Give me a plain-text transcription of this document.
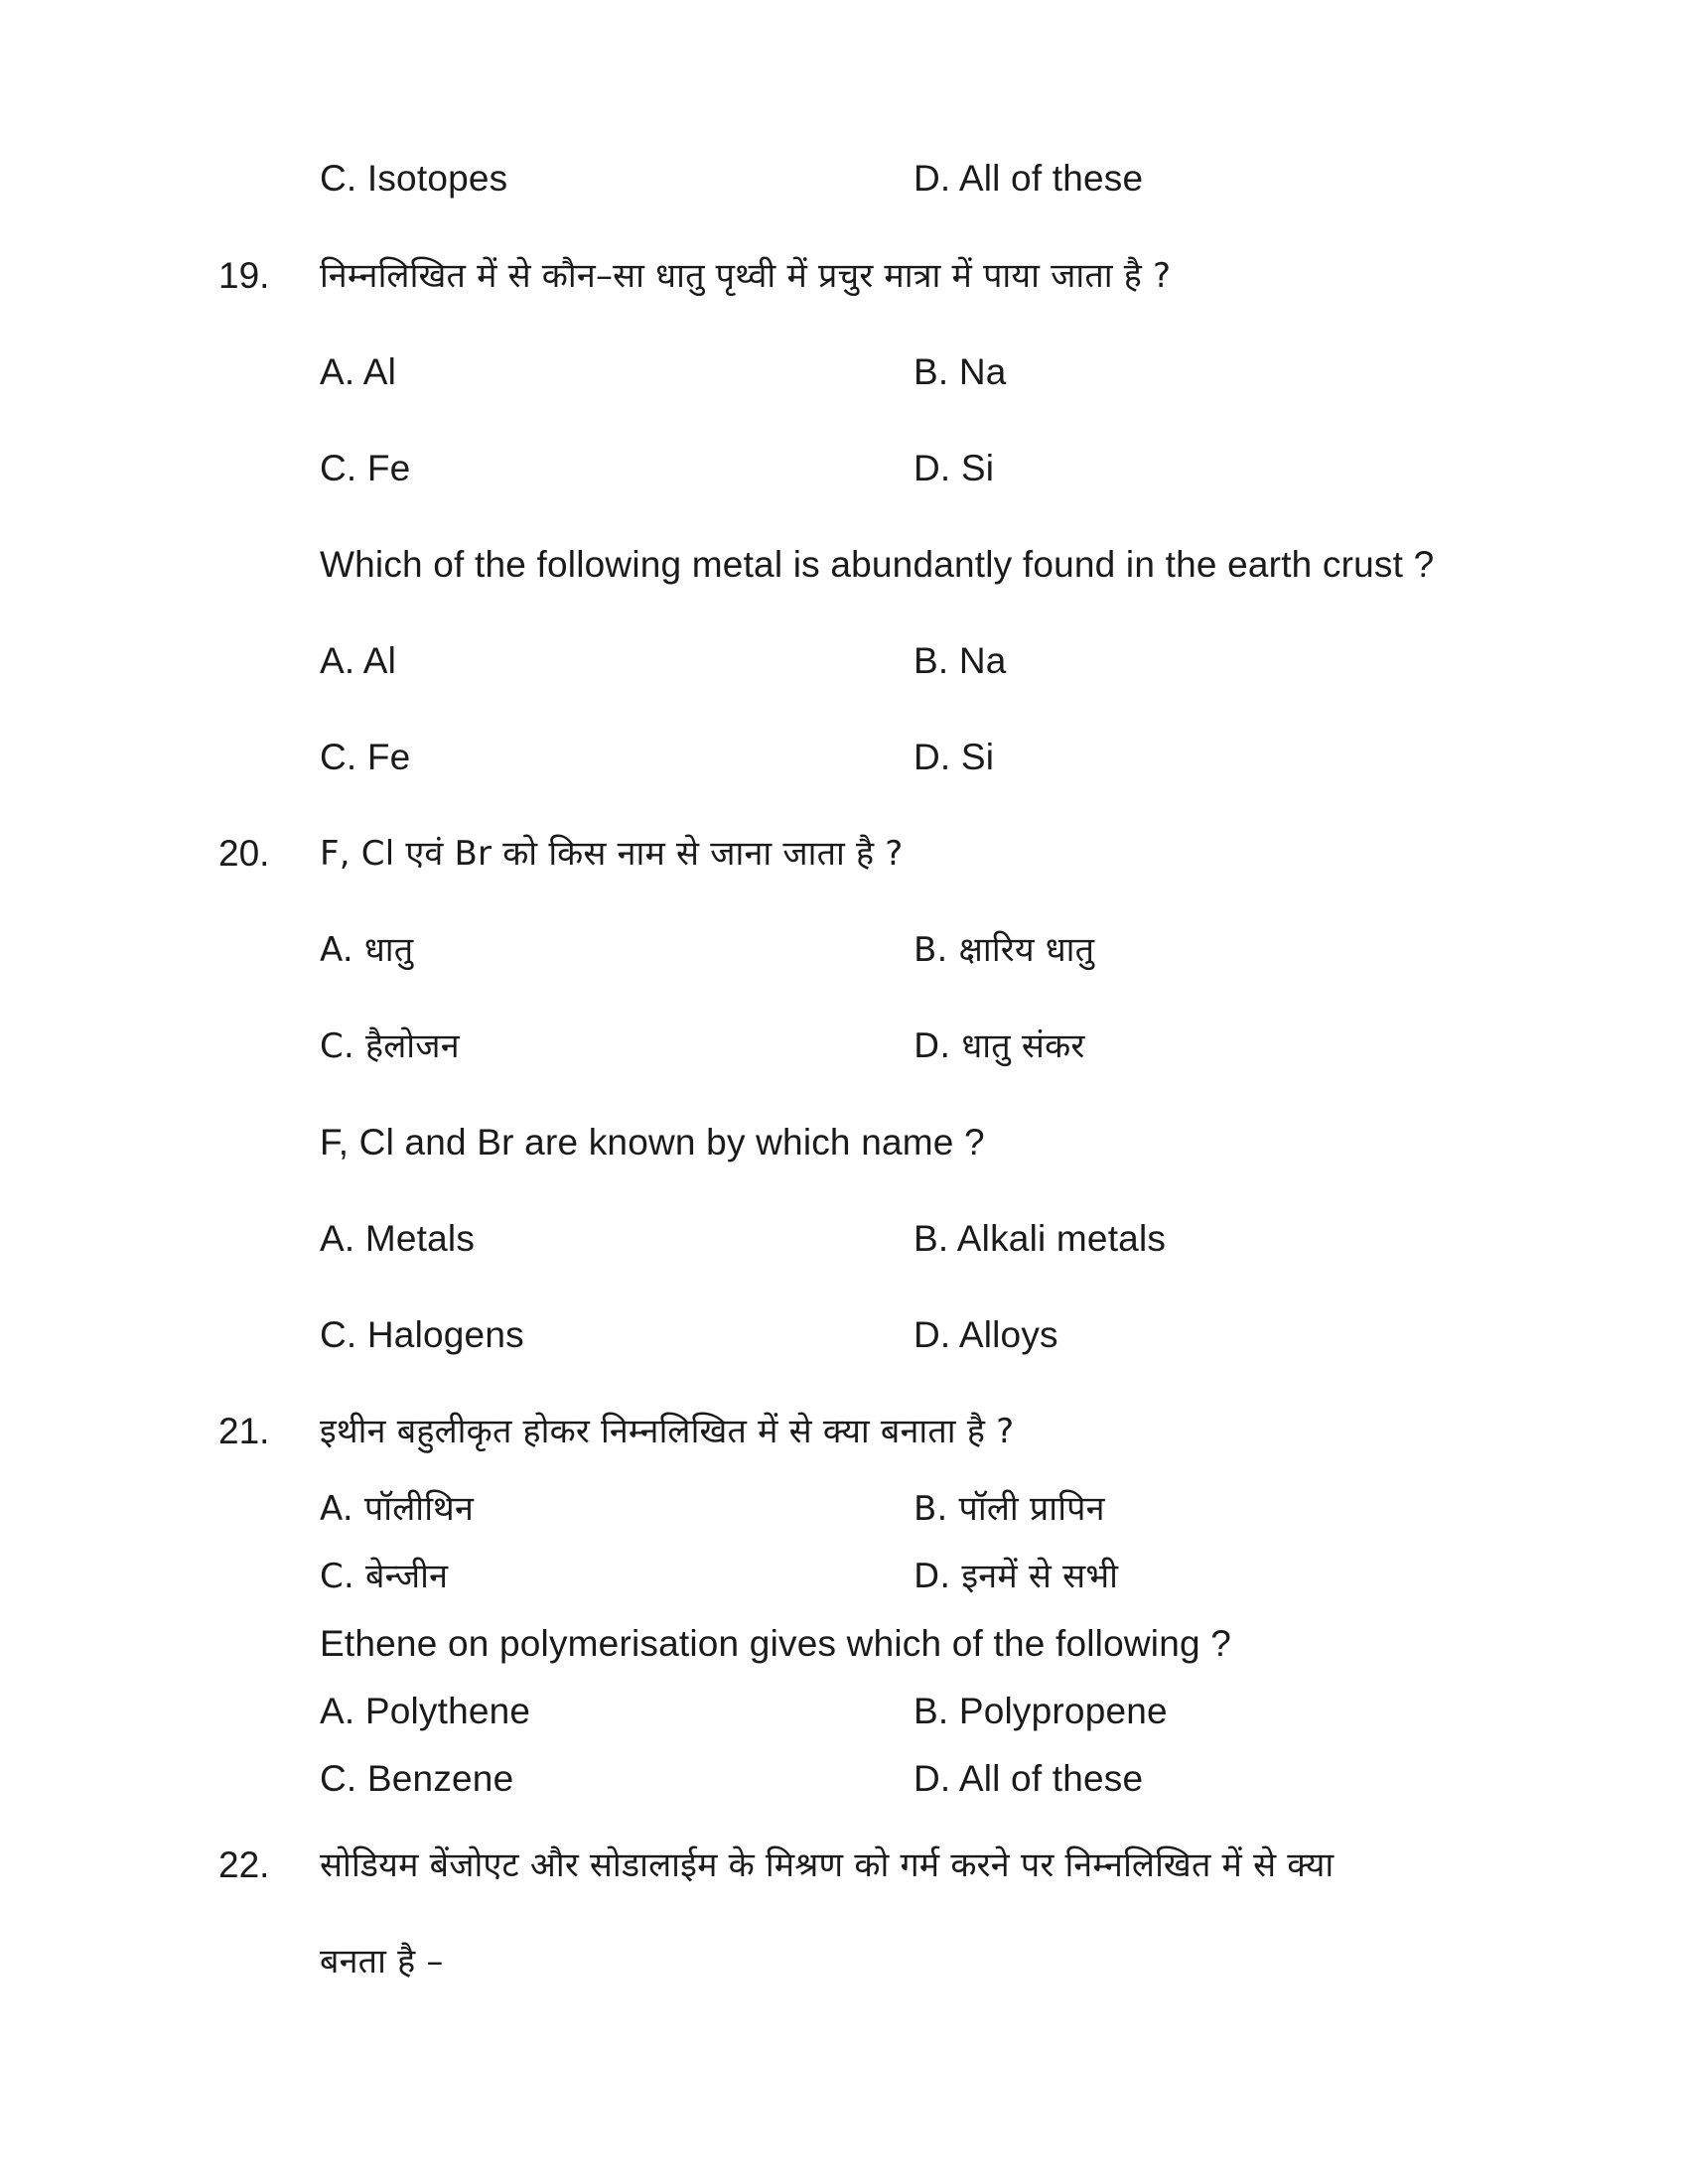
C. Isotopes	D. All of these
19. निम्नलिखित में से कौन–सा धातु पृथ्वी में प्रचुर मात्रा में पाया जाता है ?
A. Al	B. Na
C. Fe	D. Si
Which of the following metal is abundantly found in the earth crust ?
A. Al	B. Na
C. Fe	D. Si
20. F, Cl एवं Br को किस नाम से जाना जाता है ?
A. धातु	B. क्षारिय धातु
C. हैलोजन	D. धातु संकर
F, Cl and Br are known by which name ?
A. Metals	B. Alkali metals
C. Halogens	D. Alloys
21. इथीन बहुलीकृत होकर निम्नलिखित में से क्या बनाता है ?
A. पॉलीथिन	B. पॉली प्रापिन
C. बेन्जीन	D. इनमें से सभी
Ethene on polymerisation gives which of the following ?
A. Polythene	B. Polypropene
C. Benzene	D. All of these
22. सोडियम बेंजोएट और सोडालाईम के मिश्रण को गर्म करने पर निम्नलिखित में से क्या
बनता है –
